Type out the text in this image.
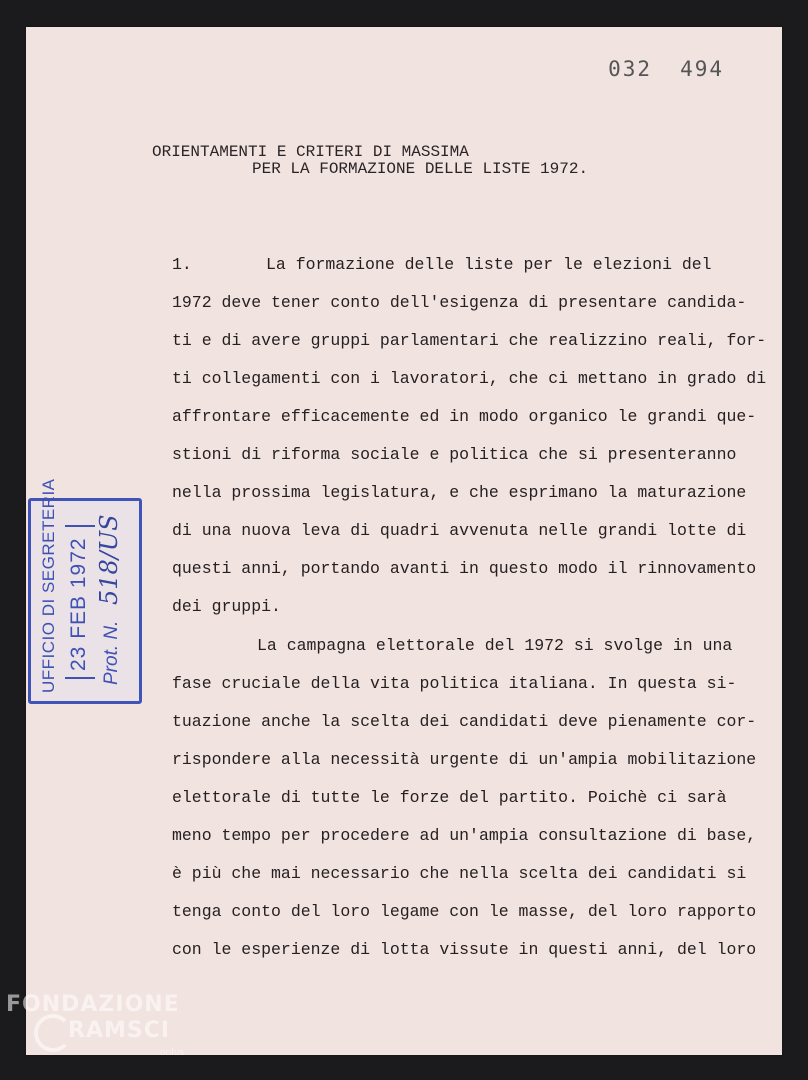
032 494
ORIENTAMENTI E CRITERI DI MASSIMA
PER LA FORMAZIONE DELLE LISTE 1972.
1.	La formazione delle liste per le elezioni del
1972 deve tener conto dell'esigenza di presentare candida-
ti e di avere gruppi parlamentari che realizzino reali, for-
ti collegamenti con i lavoratori, che ci mettano in grado di
affrontare efficacemente ed in modo organico le grandi que-
stioni di riforma sociale e politica che si presenteranno
nella prossima legislatura, e che esprimano la maturazione
di una nuova leva di quadri avvenuta nelle grandi lotte di
questi anni, portando avanti in questo modo il rinnovamento
dei gruppi.
La campagna elettorale del 1972 si svolge in una
fase cruciale della vita politica italiana. In questa si-
tuazione anche la scelta dei candidati deve pienamente cor-
rispondere alla necessità urgente di un'ampia mobilitazione
elettorale di tutte le forze del partito. Poichè ci sarà
meno tempo per procedere ad un'ampia consultazione di base,
è più che mai necessario che nella scelta dei candidati si
tenga conto del loro legame con le masse, del loro rapporto
con le esperienze di lotta vissute in questi anni, del loro
UFFICIO DI SEGRETERIA 23 FEB 1972 Prot. N.
518/US
FONDAZIONE
RAMSCI
onlus
